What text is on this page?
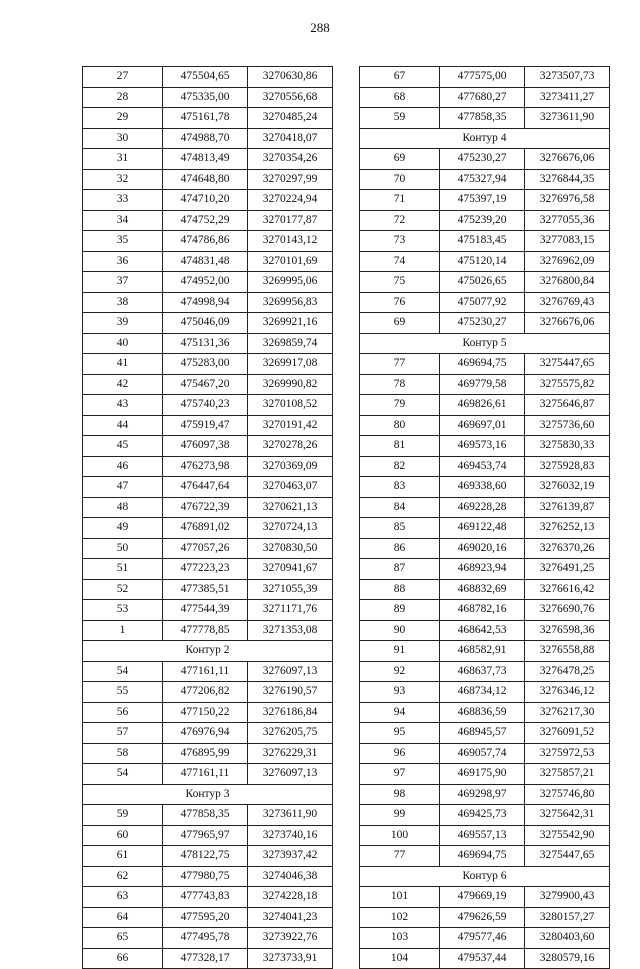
288
27	475504,65	3270630,86
28	475335,00	3270556,68
29	475161,78	3270485,24
30	474988,70	3270418,07
31	474813,49	3270354,26
32	474648,80	3270297,99
33	474710,20	3270224,94
34	474752,29	3270177,87
35	474786,86	3270143,12
36	474831,48	3270101,69
37	474952,00	3269995,06
38	474998,94	3269956,83
39	475046,09	3269921,16
40	475131,36	3269859,74
41	475283,00	3269917,08
42	475467,20	3269990,82
43	475740,23	3270108,52
44	475919,47	3270191,42
45	476097,38	3270278,26
46	476273,98	3270369,09
47	476447,64	3270463,07
48	476722,39	3270621,13
49	476891,02	3270724,13
50	477057,26	3270830,50
51	477223,23	3270941,67
52	477385,51	3271055,39
53	477544,39	3271171,76
1	477778,85	3271353,08
Контур 2		
54	477161,11	3276097,13
55	477206,82	3276190,57
56	477150,22	3276186,84
57	476976,94	3276205,75
58	476895,99	3276229,31
54	477161,11	3276097,13
Контур 3		
59	477858,35	3273611,90
60	477965,97	3273740,16
61	478122,75	3273937,42
62	477980,75	3274046,38
63	477743,83	3274228,18
64	477595,20	3274041,23
65	477495,78	3273922,76
66	477328,17	3273733,91
67	477575,00	3273507,73
68	477680,27	3273411,27
59	477858,35	3273611,90
Контур 4		
69	475230,27	3276676,06
70	475327,94	3276844,35
71	475397,19	3276976,58
72	475239,20	3277055,36
73	475183,45	3277083,15
74	475120,14	3276962,09
75	475026,65	3276800,84
76	475077,92	3276769,43
69	475230,27	3276676,06
Контур 5		
77	469694,75	3275447,65
78	469779,58	3275575,82
79	469826,61	3275646,87
80	469697,01	3275736,60
81	469573,16	3275830,33
82	469453,74	3275928,83
83	469338,60	3276032,19
84	469228,28	3276139,87
85	469122,48	3276252,13
86	469020,16	3276370,26
87	468923,94	3276491,25
88	468832,69	3276616,42
89	468782,16	3276690,76
90	468642,53	3276598,36
91	468582,91	3276558,88
92	468637,73	3276478,25
93	468734,12	3276346,12
94	468836,59	3276217,30
95	468945,57	3276091,52
96	469057,74	3275972,53
97	469175,90	3275857,21
98	469298,97	3275746,80
99	469425,73	3275642,31
100	469557,13	3275542,90
77	469694,75	3275447,65
Контур 6		
101	479669,19	3279900,43
102	479626,59	3280157,27
103	479577,46	3280403,60
104	479537,44	3280579,16
